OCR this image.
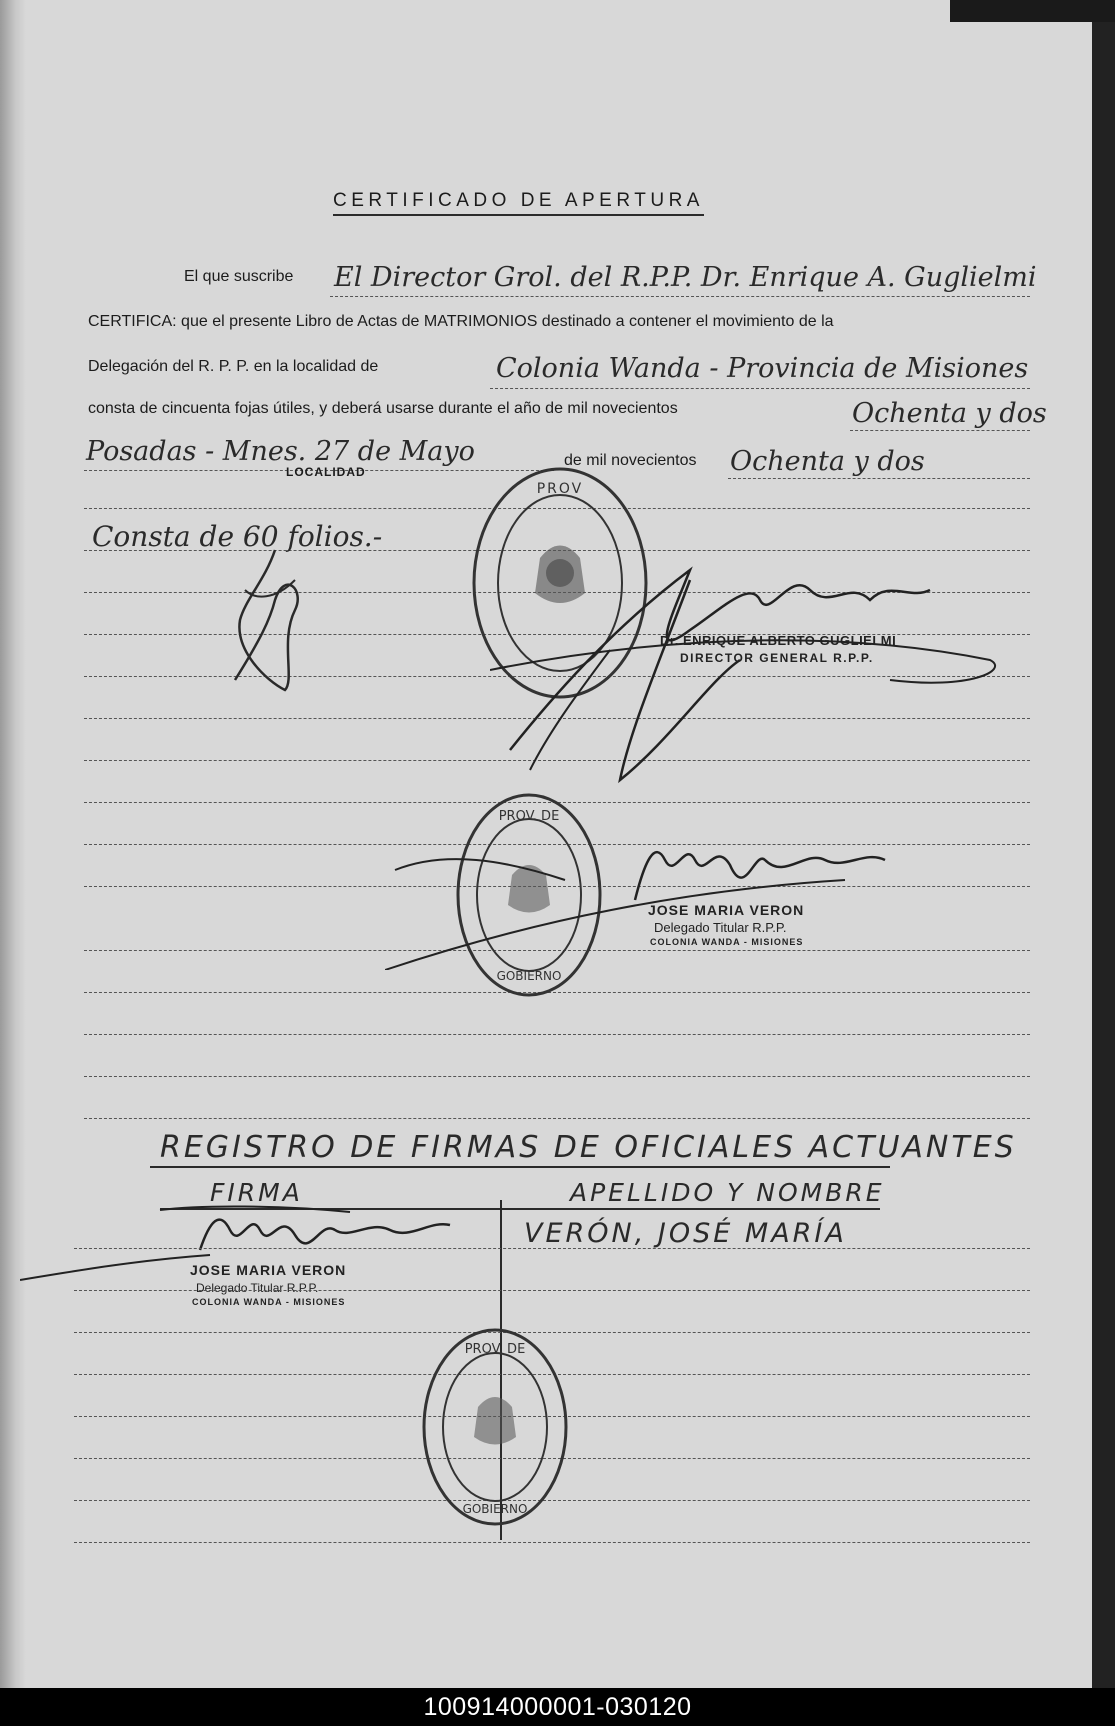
CERTIFICADO DE APERTURA
El que suscribe El Director Grol. del R.P.P. Dr. Enrique A. Guglielmi
CERTIFICA: que el presente Libro de Actas de MATRIMONIOS destinado a contener el movimiento de la
Delegación del R. P. P. en la localidad de	Colonia Wanda - Provincia de Misiones
consta de cincuenta fojas útiles, y deberá usarse durante el año de mil novecientos	Ochenta y dos
Posadas - Mnes. 27 de Mayo
LOCALIDAD
de mil novecientos Ochenta y dos
Consta de 60 folios.-
PROV
Dr. ENRIQUE ALBERTO GUGLIELMI
DIRECTOR GENERAL R.P.P.
PROV. DE
GOBIERNO
JOSE MARIA VERON
Delegado Titular R.P.P.
COLONIA WANDA - MISIONES
REGISTRO DE FIRMAS DE OFICIALES ACTUANTES
FIRMA	APELLIDO Y NOMBRE
VERÓN, JOSÉ MARÍA
JOSE MARIA VERON
Delegado Titular R.P.P.
COLONIA WANDA - MISIONES
PROV. DE
GOBIERNO
100914000001-030120
